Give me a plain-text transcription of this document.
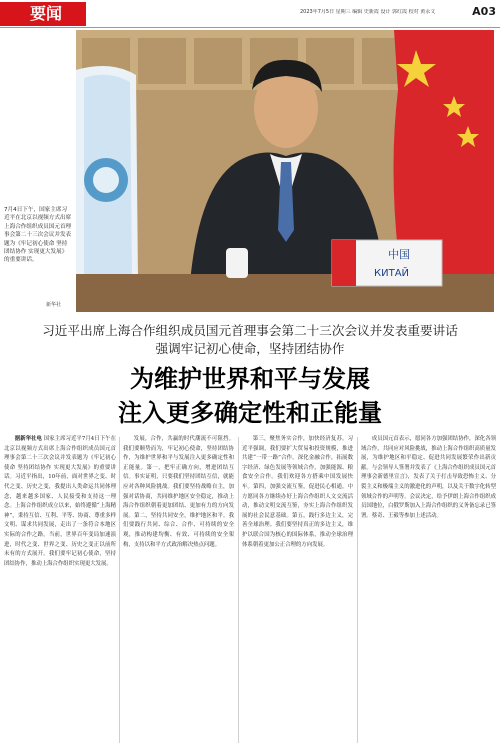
要闻	2023年7月5日 星期三 编辑 史新霞 设计 郭红霞 校对 黄永文	A03
中国
КИТАЙ
7月4日下午，国家主席习近平在北京以视频方式出席上海合作组织成员国元首理事会第二十三次会议并发表题为《牢记初心使命 坚持团结协作 实现更大发展》的重要讲话。
新华社
习近平出席上海合作组织成员国元首理事会第二十三次会议并发表重要讲话
强调牢记初心使命，坚持团结协作
为维护世界和平与发展
注入更多确定性和正能量

据新华社电 国家主席习近平7月4日下午在北京以视频方式出席上海合作组织成员国元首理事会第二十三次会议并发表题为《牢记初心使命 坚持团结协作 实现更大发展》的重要讲话。习近平指出，10年前，面对世界之变、时代之变、历史之变，我提出人类命运共同体理念，越来越多国家、人民接受和支持这一理念。上海合作组织成立以来，始终遵循“上海精神”，秉持互信、互利、平等、协商、尊重多样文明、谋求共同发展，走出了一条符合本地区实际的合作之路。当前，世界百年变局加速演进，时代之变、世界之变、历史之变正以前所未有的方式展开。我们要牢记初心使命，坚持团结协作，推动上海合作组织实现更大发展。

发展，合作，共赢的时代潮流不可阻挡。我们要顺势而为，牢记初心使命，坚持团结协作，为维护世界和平与发展注入更多确定性和正能量。第一，把牢正确方向，增进团结互信。事实证明，只要我们坚持团结互信，就能应对各种风险挑战。我们要坚持战略自主，加强对话协商，共同维护地区安全稳定，推动上海合作组织朝着更加团结、更加有力的方向发展。第二，坚持共同安全，维护地区和平。我们要践行共同、综合、合作、可持续的安全观，推动构建均衡、有效、可持续的安全架构，支持以和平方式政治解决热点问题。

第三，聚焦务实合作，加快经济复苏。习近平强调，我们要扩大贸易和投资规模，推进共建“一带一路”合作，深化金融合作，拓展数字经济、绿色发展等领域合作，加强能源、粮食安全合作。我们欢迎各方搭乘中国发展快车。第四，加强交流互鉴，促进民心相通。中方愿同各方继续办好上海合作组织人文交流活动，推动文明交流互鉴，夯实上海合作组织发展的社会民意基础。第五，践行多边主义，完善全球治理。我们要坚持真正的多边主义，维护以联合国为核心的国际体系，推动全球治理体系朝着更加公正合理的方向发展。

成员国元首表示，愿同各方加强团结协作，深化各领域合作，共同应对风险挑战，推动上海合作组织高质量发展，为维护地区和平稳定、促进共同发展繁荣作出新贡献。与会领导人签署并发表了《上海合作组织成员国元首理事会新德里宣言》，发表了关于打击导致恐怖主义、分裂主义和极端主义的激进化的声明，以及关于数字化转型领域合作的声明等。会议决定，给予伊朗上海合作组织成员国地位，白俄罗斯加入上海合作组织的义务备忘录已签署。蔡奇、王毅等参加上述活动。
